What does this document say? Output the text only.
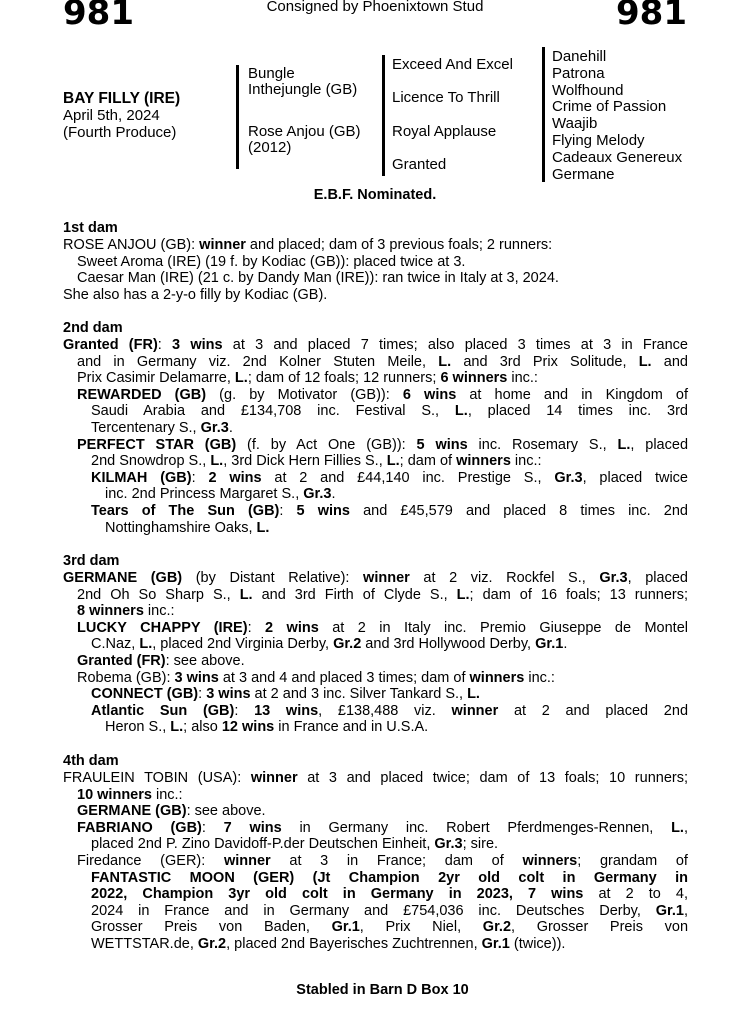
981	Consigned by Phoenixtown Stud	981
BAY FILLY (IRE)
April 5th, 2024
(Fourth Produce)
Bungle
Inthejungle (GB)
Rose Anjou (GB)
(2012)
Exceed And Excel
Licence To Thrill
Royal Applause
Granted
Danehill
Patrona
Wolfhound
Crime of Passion
Waajib
Flying Melody
Cadeaux Genereux
Germane
E.B.F. Nominated.
1st dam
ROSE ANJOU (GB): winner and placed; dam of 3 previous foals; 2 runners:
Sweet Aroma (IRE) (19 f. by Kodiac (GB)): placed twice at 3.
Caesar Man (IRE) (21 c. by Dandy Man (IRE)): ran twice in Italy at 3, 2024.
She also has a 2-y-o filly by Kodiac (GB).
2nd dam
Granted (FR): 3 wins at 3 and placed 7 times; also placed 3 times at 3 in France
and in Germany viz. 2nd Kolner Stuten Meile, L. and 3rd Prix Solitude, L. and
Prix Casimir Delamarre, L.; dam of 12 foals; 12 runners; 6 winners inc.:
REWARDED (GB) (g. by Motivator (GB)): 6 wins at home and in Kingdom of
Saudi Arabia and £134,708 inc. Festival S., L., placed 14 times inc. 3rd
Tercentenary S., Gr.3.
PERFECT STAR (GB) (f. by Act One (GB)): 5 wins inc. Rosemary S., L., placed
2nd Snowdrop S., L., 3rd Dick Hern Fillies S., L.; dam of winners inc.:
KILMAH (GB): 2 wins at 2 and £44,140 inc. Prestige S., Gr.3, placed twice
inc. 2nd Princess Margaret S., Gr.3.
Tears of The Sun (GB): 5 wins and £45,579 and placed 8 times inc. 2nd
Nottinghamshire Oaks, L.
3rd dam
GERMANE (GB) (by Distant Relative): winner at 2 viz. Rockfel S., Gr.3, placed
2nd Oh So Sharp S., L. and 3rd Firth of Clyde S., L.; dam of 16 foals; 13 runners;
8 winners inc.:
LUCKY CHAPPY (IRE): 2 wins at 2 in Italy inc. Premio Giuseppe de Montel
C.Naz, L., placed 2nd Virginia Derby, Gr.2 and 3rd Hollywood Derby, Gr.1.
Granted (FR): see above.
Robema (GB): 3 wins at 3 and 4 and placed 3 times; dam of winners inc.:
CONNECT (GB): 3 wins at 2 and 3 inc. Silver Tankard S., L.
Atlantic Sun (GB): 13 wins, £138,488 viz. winner at 2 and placed 2nd
Heron S., L.; also 12 wins in France and in U.S.A.
4th dam
FRAULEIN TOBIN (USA): winner at 3 and placed twice; dam of 13 foals; 10 runners;
10 winners inc.:
GERMANE (GB): see above.
FABRIANO (GB): 7 wins in Germany inc. Robert Pferdmenges-Rennen, L.,
placed 2nd P. Zino Davidoff-P.der Deutschen Einheit, Gr.3; sire.
Firedance (GER): winner at 3 in France; dam of winners; grandam of
FANTASTIC MOON (GER) (Jt Champion 2yr old colt in Germany in
2022, Champion 3yr old colt in Germany in 2023, 7 wins at 2 to 4,
2024 in France and in Germany and £754,036 inc. Deutsches Derby, Gr.1,
Grosser Preis von Baden, Gr.1, Prix Niel, Gr.2, Grosser Preis von
WETTSTAR.de, Gr.2, placed 2nd Bayerisches Zuchtrennen, Gr.1 (twice)).
Stabled in Barn D Box 10
